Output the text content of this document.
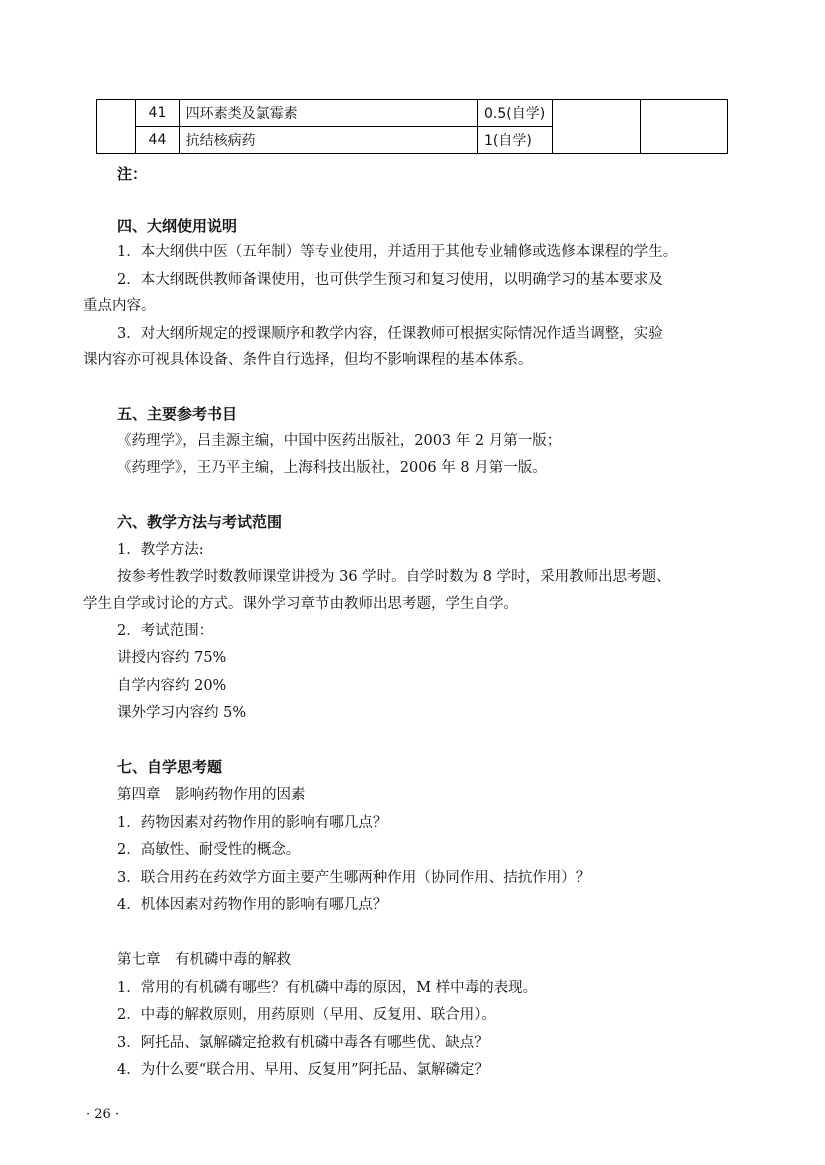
	41	四环素类及氯霉素	0.5(自学)		
	44	抗结核病药	1(自学)		
注：
四、大纲使用说明
1．本大纲供中医（五年制）等专业使用，并适用于其他专业辅修或选修本课程的学生。
2．本大纲既供教师备课使用，也可供学生预习和复习使用，以明确学习的基本要求及
重点内容。
3．对大纲所规定的授课顺序和教学内容，任课教师可根据实际情况作适当调整，实验
课内容亦可视具体设备、条件自行选择，但均不影响课程的基本体系。
五、主要参考书目
《药理学》，吕圭源主编，中国中医药出版社，2003 年 2 月第一版；
《药理学》，王乃平主编，上海科技出版社，2006 年 8 月第一版。
六、教学方法与考试范围
1．教学方法:
按参考性教学时数教师课堂讲授为 36 学时。自学时数为 8 学时，采用教师出思考题、
学生自学或讨论的方式。课外学习章节由教师出思考题，学生自学。
2．考试范围：
讲授内容约 75%
自学内容约 20%
课外学习内容约 5%
七、自学思考题
第四章　影响药物作用的因素
1．药物因素对药物作用的影响有哪几点？
2．高敏性、耐受性的概念。
3．联合用药在药效学方面主要产生哪两种作用（协同作用、拮抗作用）？
4．机体因素对药物作用的影响有哪几点？
第七章　有机磷中毒的解救
1．常用的有机磷有哪些？有机磷中毒的原因，M 样中毒的表现。
2．中毒的解救原则，用药原则（早用、反复用、联合用）。
3．阿托品、氯解磷定抢救有机磷中毒各有哪些优、缺点？
4．为什么要“联合用、早用、反复用”阿托品、氯解磷定？
· 26 ·
